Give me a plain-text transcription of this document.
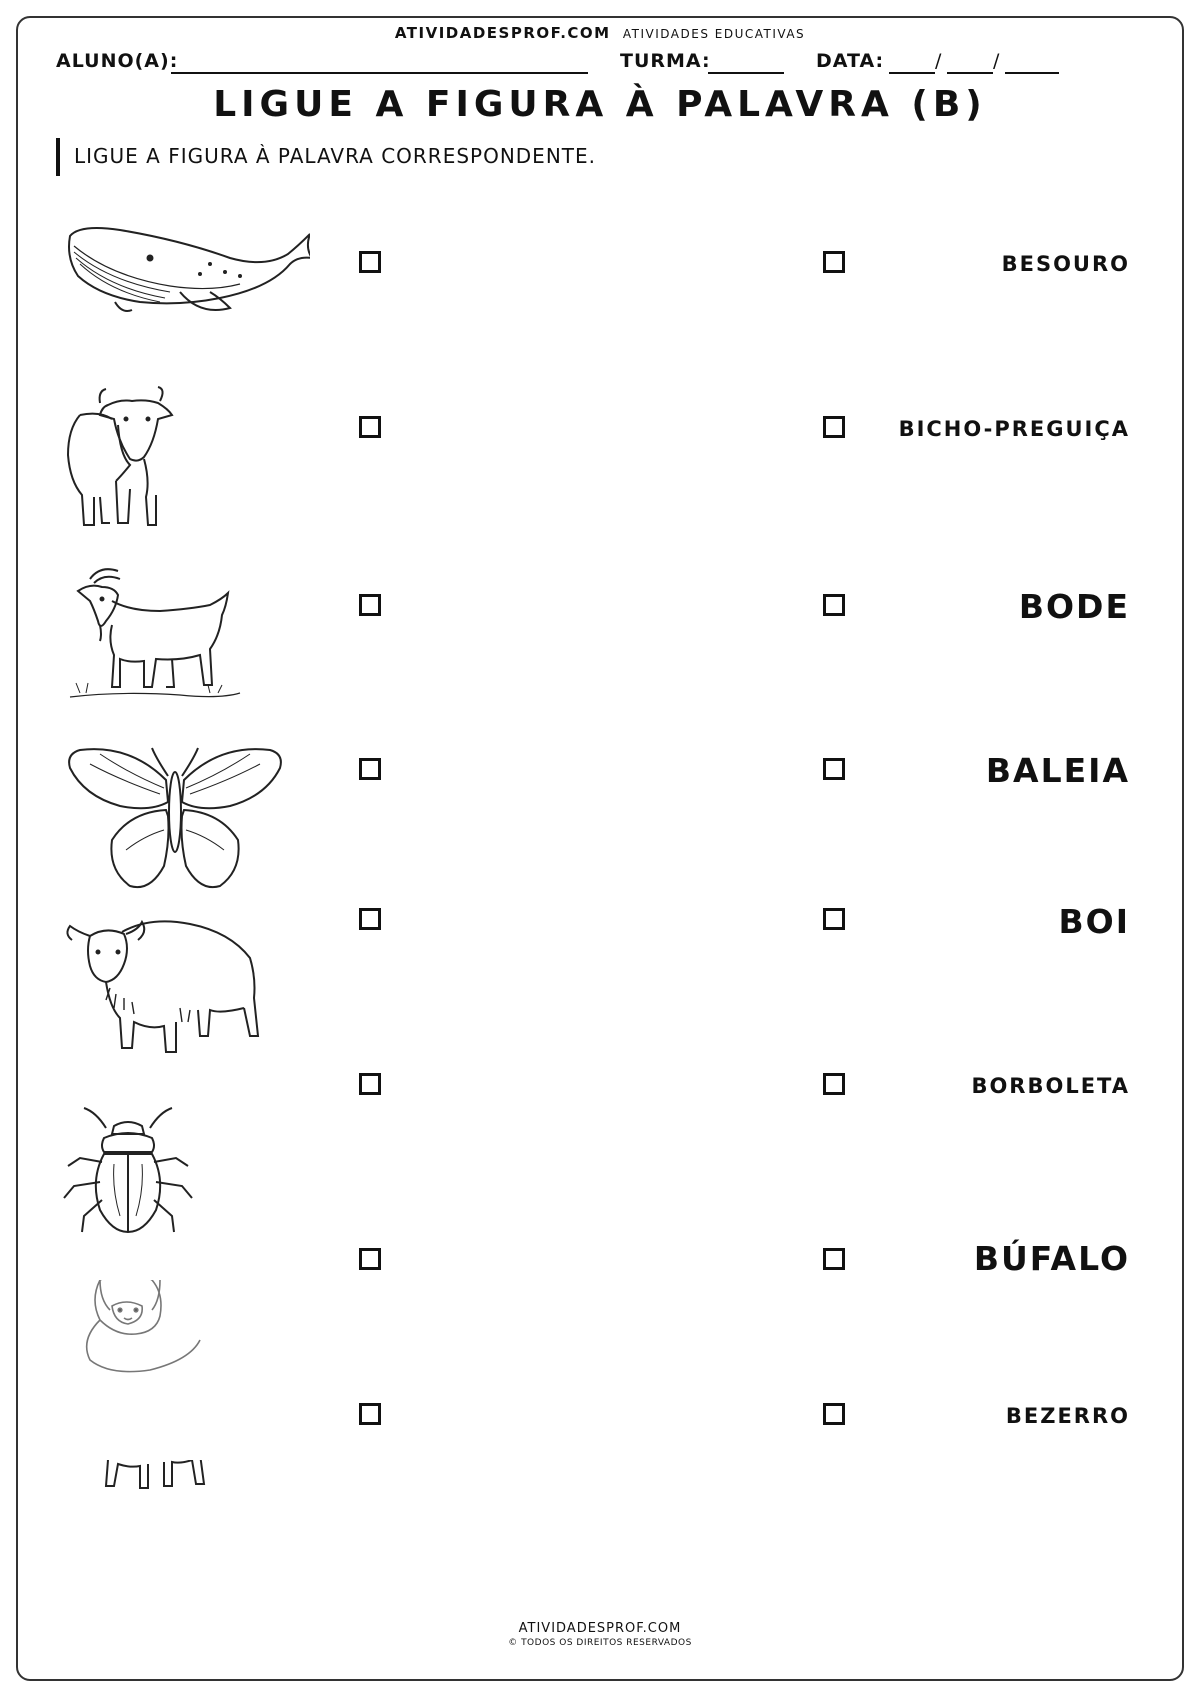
ATIVIDADESPROF.COM ATIVIDADES EDUCATIVAS
ALUNO(A):	TURMA:	DATA:	/	/
LIGUE A FIGURA À PALAVRA (B)
LIGUE A FIGURA À PALAVRA CORRESPONDENTE.
BESOURO
BICHO-PREGUIÇA
BODE
BALEIA
BOI
BORBOLETA
BÚFALO
BEZERRO
ATIVIDADESPROF.COM
© TODOS OS DIREITOS RESERVADOS
